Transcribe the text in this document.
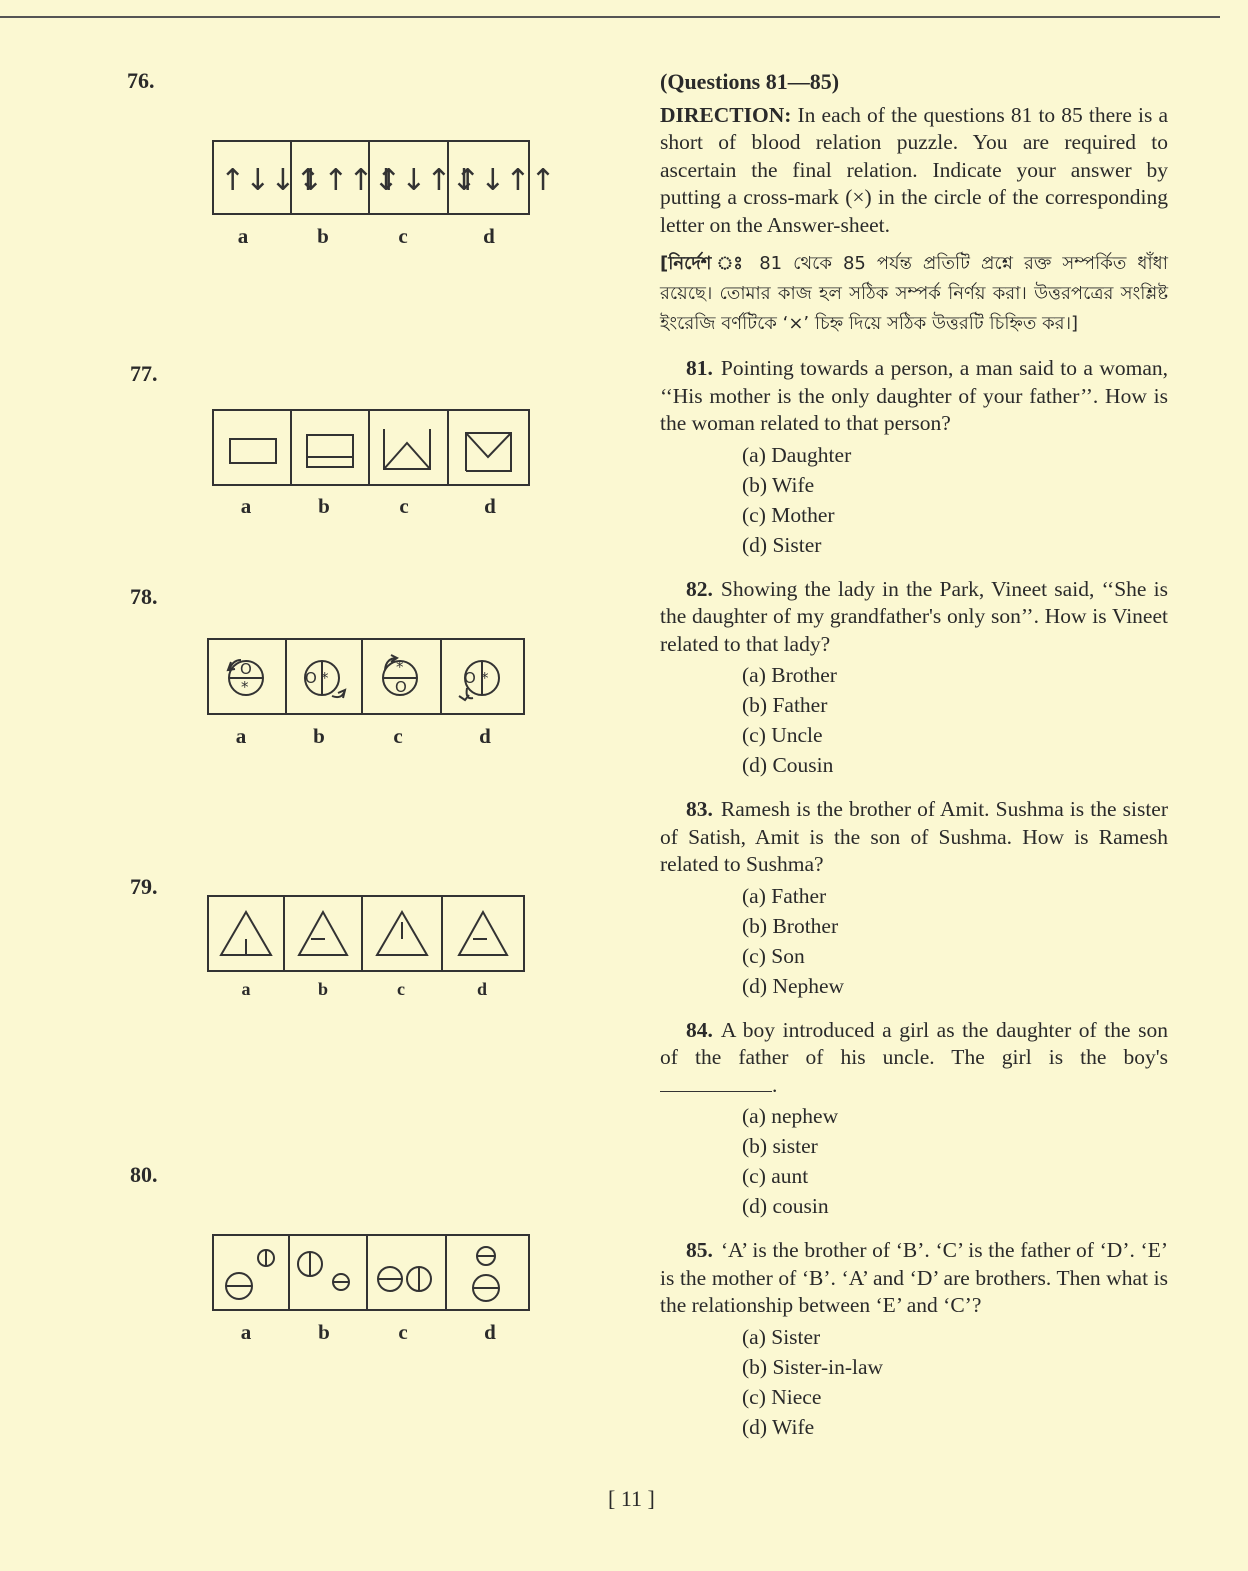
76.
↑↓↓↑
↓↑↑↓
↑↓↑↓
↑↓↑↑
a	b	c	d
77.
a	b	c	d
78.
O
*	O *
*
O	O *
a	b	c	d
79.
a	b	c	d
80.
a	b	c	d
(Questions 81—85)
DIRECTION: In each of the questions 81 to 85 there is a short of blood relation puzzle. You are required to ascertain the final relation. Indicate your answer by putting a cross-mark (×) in the circle of the corresponding letter on the Answer-sheet.
[নির্দেশ ঃ 81 থেকে 85 পর্যন্ত প্রতিটি প্রশ্নে রক্ত সম্পর্কিত ধাঁধা রয়েছে। তোমার কাজ হল সঠিক সম্পর্ক নির্ণয় করা। উত্তরপত্রের সংশ্লিষ্ট ইংরেজি বর্ণটিকে ‘×’ চিহ্ন দিয়ে সঠিক উত্তরটি চিহ্নিত কর।]
81. Pointing towards a person, a man said to a woman, ‘‘His mother is the only daughter of your father’’. How is the woman related to that person?
(a) Daughter
(b) Wife
(c) Mother
(d) Sister
82. Showing the lady in the Park, Vineet said, ‘‘She is the daughter of my grandfather's only son’’. How is Vineet related to that lady?
(a) Brother
(b) Father
(c) Uncle
(d) Cousin
83. Ramesh is the brother of Amit. Sushma is the sister of Satish, Amit is the son of Sushma. How is Ramesh related to Sushma?
(a) Father
(b) Brother
(c) Son
(d) Nephew
84. A boy introduced a girl as the daughter of the son of the father of his uncle. The girl is the boy's .
(a) nephew
(b) sister
(c) aunt
(d) cousin
85. ‘A’ is the brother of ‘B’. ‘C’ is the father of ‘D’. ‘E’ is the mother of ‘B’. ‘A’ and ‘D’ are brothers. Then what is the relationship between ‘E’ and ‘C’?
(a) Sister
(b) Sister-in-law
(c) Niece
(d) Wife
[ 11 ]
